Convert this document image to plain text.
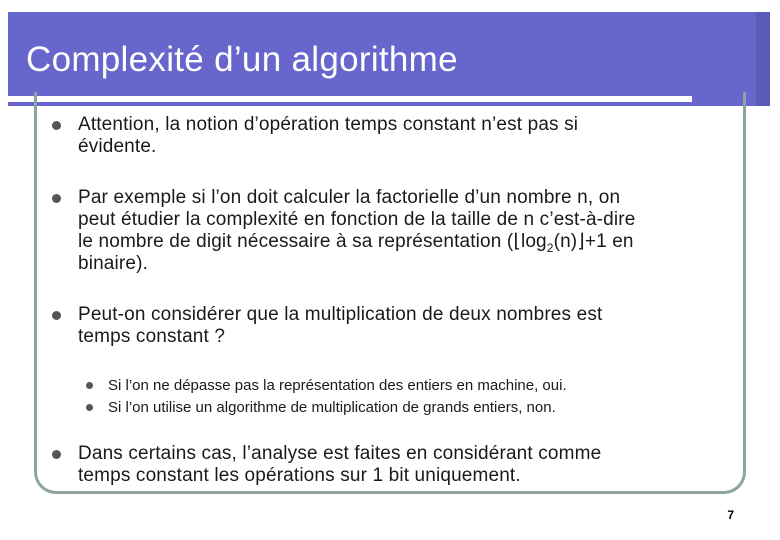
Complexité d’un algorithme
Attention, la notion d’opération temps constant n’est pas si
évidente.
Par exemple si l’on doit calculer la factorielle d’un nombre n, on
peut étudier la complexité en fonction de la taille de n c’est-à-dire
le nombre de digit nécessaire à sa représentation ($⌊\log_2(n)⌋+1$ en
binaire).
Peut-on considérer que la multiplication de deux nombres est
temps constant ?
Si l’on ne dépasse pas la représentation des entiers en machine, oui.
Si l’on utilise un algorithme de multiplication de grands entiers, non.
Dans certains cas, l’analyse est faites en considérant comme
temps constant les opérations sur 1 bit uniquement.
7
